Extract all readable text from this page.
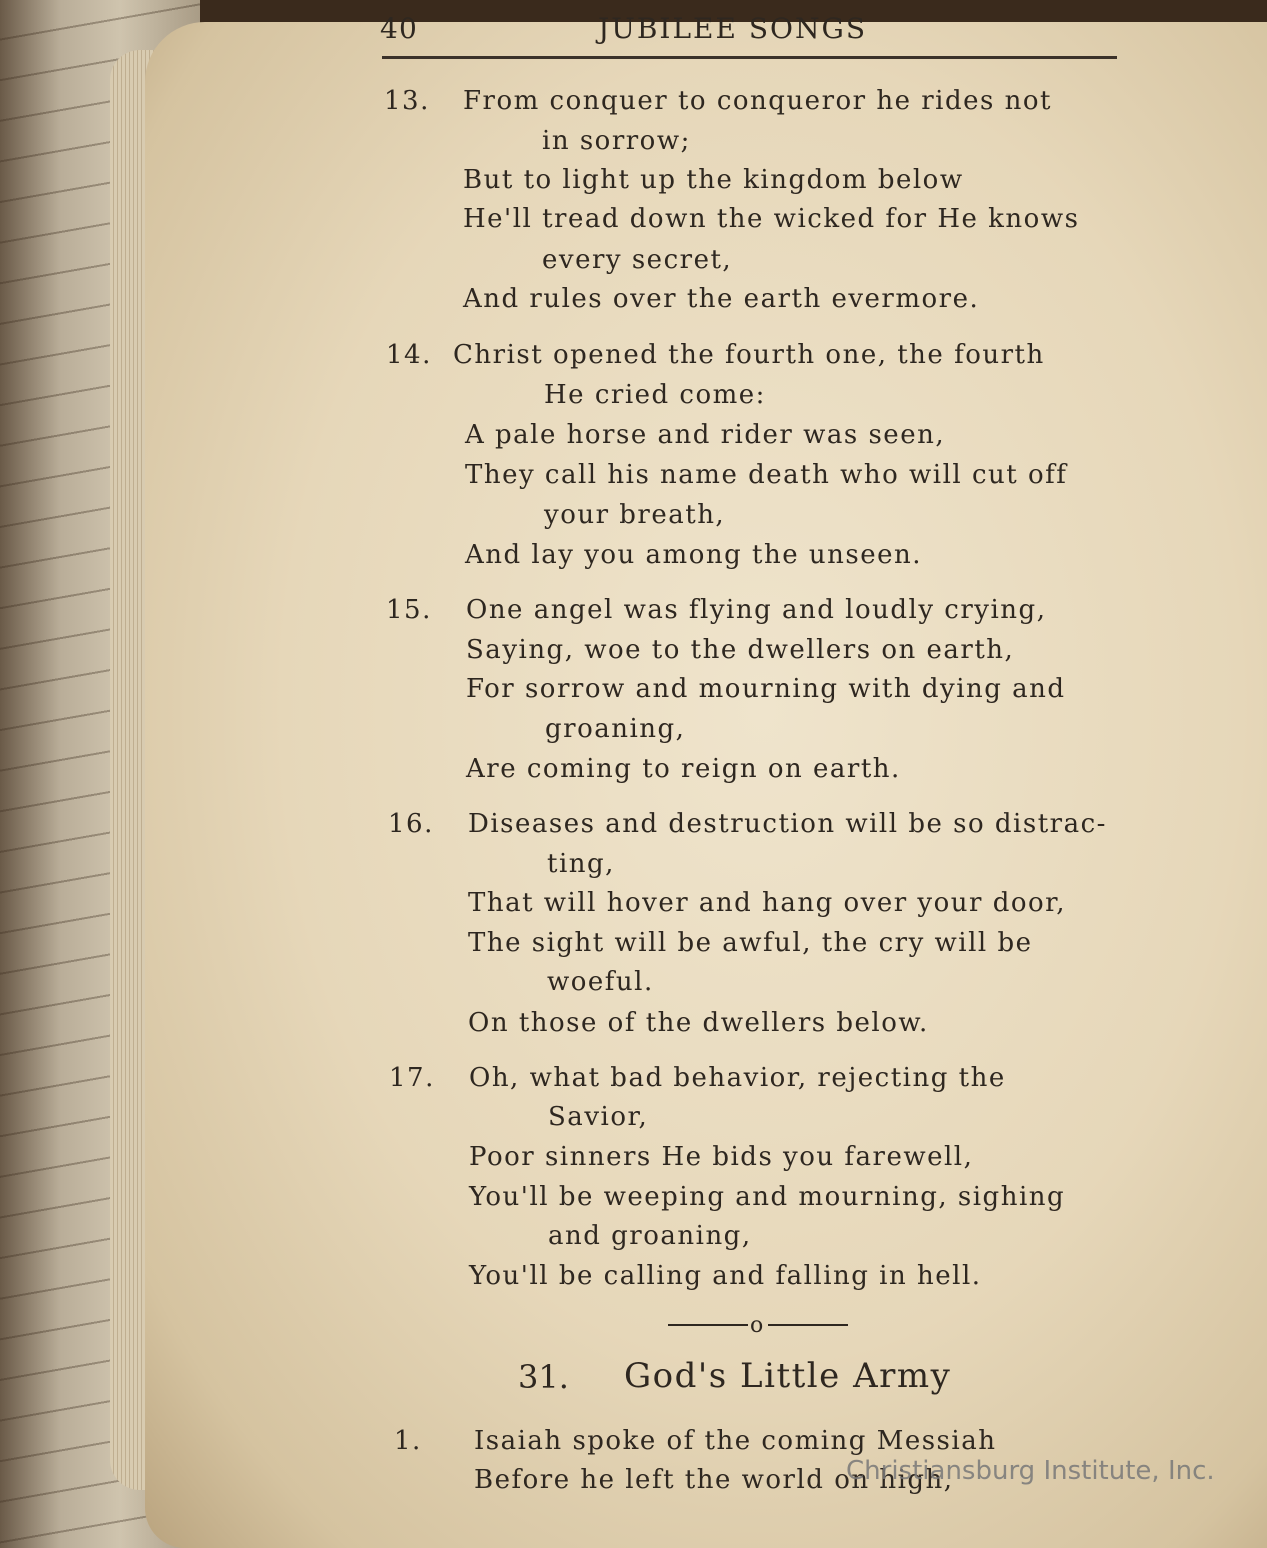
40	JUBILEE SONGS
13. From conquer to conqueror he rides not
in sorrow;
But to light up the kingdom below
He'll tread down the wicked for He knows
every secret,
And rules over the earth evermore.
14. Christ opened the fourth one, the fourth
He cried come:
A pale horse and rider was seen,
They call his name death who will cut off
your breath,
And lay you among the unseen.
15. One angel was flying and loudly crying,
Saying, woe to the dwellers on earth,
For sorrow and mourning with dying and
groaning,
Are coming to reign on earth.
16. Diseases and destruction will be so distrac-
ting,
That will hover and hang over your door,
The sight will be awful, the cry will be
woeful.
On those of the dwellers below.
17. Oh, what bad behavior, rejecting the
Savior,
Poor sinners He bids you farewell,
You'll be weeping and mourning, sighing
and groaning,
You'll be calling and falling in hell.
o
31. God's Little Army
1. Isaiah spoke of the coming Messiah
Before he left the world on high,
Christiansburg Institute, Inc.
